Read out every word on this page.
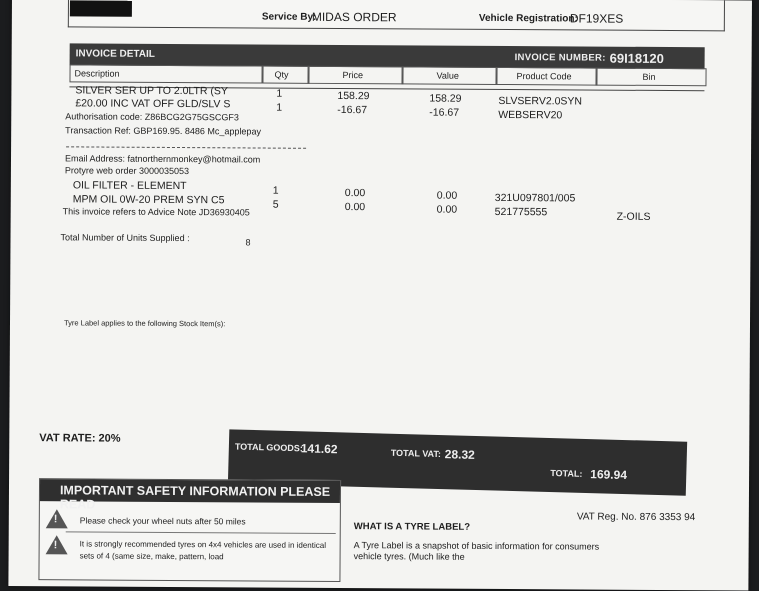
Service By:
MIDAS ORDER	Vehicle Registration:
DF19XES
INVOICE DETAIL	INVOICE NUMBER: 69I18120
Description	Qty	Price	Value	Product Code	Bin
SILVER SER UP TO 2.0LTR (SY	1	158.29	158.29	SLVSERV2.0SYN
£20.00 INC VAT OFF GLD/SLV S	1	-16.67	-16.67	WEBSERV20
Authorisation code: Z86BCG2G75GSCGF3
Transaction Ref: GBP169.95. 8486 Mc_applepay
Email Address: fatnorthernmonkey@hotmail.com
Protyre web order 3000035053
OIL FILTER - ELEMENT	1	0.00	0.00	321U097801/005
MPM OIL 0W-20 PREM SYN C5	5	0.00	0.00	521775555	Z-OILS
This invoice refers to Advice Note JD36930405
Total Number of Units Supplied :	8
Tyre Label applies to the following Stock Item(s):
VAT RATE: 20%
TOTAL GOODS:
141.62	TOTAL VAT: 28.32
TOTAL: 169.94
VAT Reg. No. 876 3353 94
IMPORTANT SAFETY INFORMATION PLEASE READ
!
Please check your wheel nuts after 50 miles
!
It is strongly recommended tyres on 4x4 vehicles are used in identical
sets of 4 (same size, make, pattern, load
WHAT IS A TYRE LABEL?
A Tyre Label is a snapshot of basic information for consumers
vehicle tyres. (Much like the
